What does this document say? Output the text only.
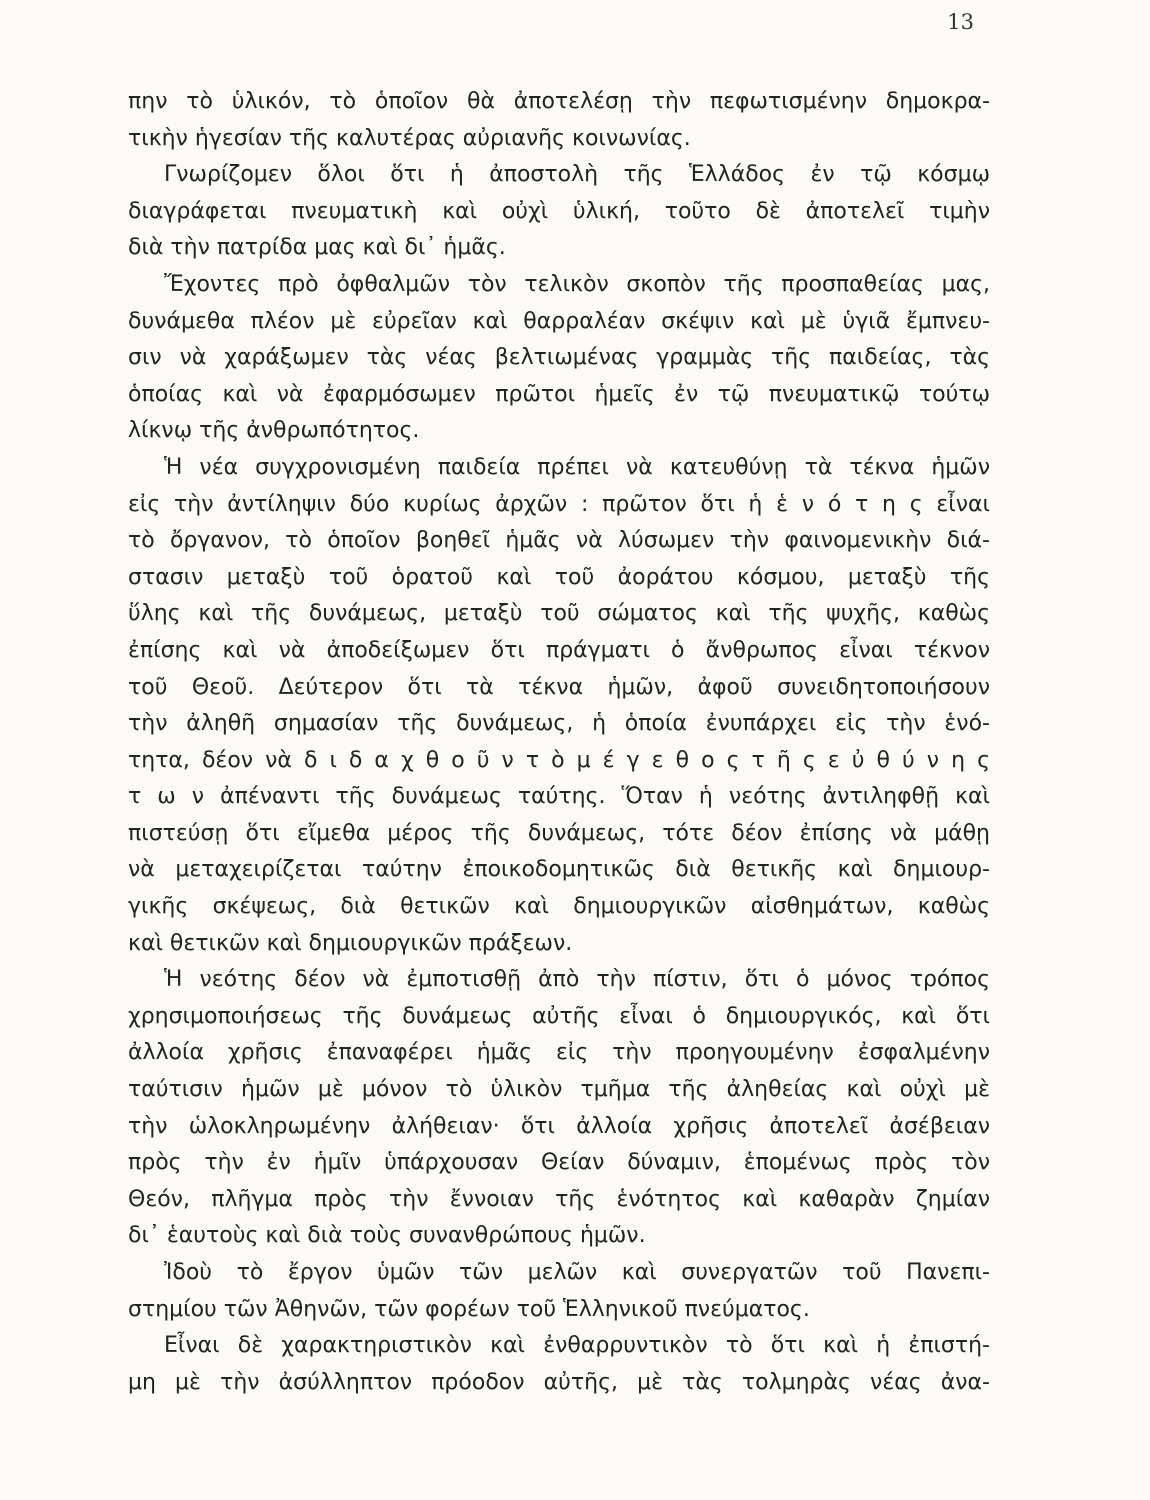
13
πην τὸ ὑλικόν, τὸ ὁποῖον θὰ ἀποτελέσῃ τὴν πεφωτισμένην δημοκρα-
τικὴν ἡγεσίαν τῆς καλυτέρας αὐριανῆς κοινωνίας.
Γνωρίζομεν ὅλοι ὅτι ἡ ἀποστολὴ τῆς Ἑλλάδος ἐν τῷ κόσμῳ
διαγράφεται πνευματικὴ καὶ οὐχὶ ὑλική, τοῦτο δὲ ἀποτελεῖ τιμὴν
διὰ τὴν πατρίδα μας καὶ δι᾿ ἡμᾶς.
Ἔχοντες πρὸ ὀφθαλμῶν τὸν τελικὸν σκοπὸν τῆς προσπαθείας μας,
δυνάμεθα πλέον μὲ εὐρεῖαν καὶ θαρραλέαν σκέψιν καὶ μὲ ὑγιᾶ ἔμπνευ-
σιν νὰ χαράξωμεν τὰς νέας βελτιωμένας γραμμὰς τῆς παιδείας, τὰς
ὁποίας καὶ νὰ ἐφαρμόσωμεν πρῶτοι ἡμεῖς ἐν τῷ πνευματικῷ τούτῳ
λίκνῳ τῆς ἀνθρωπότητος.
Ἡ νέα συγχρονισμένη παιδεία πρέπει νὰ κατευθύνῃ τὰ τέκνα ἡμῶν
εἰς τὴν ἀντίληψιν δύο κυρίως ἀρχῶν : πρῶτον ὅτι ἡ ἑ ν ό τ η ς εἶναι
τὸ ὄργανον, τὸ ὁποῖον βοηθεῖ ἡμᾶς νὰ λύσωμεν τὴν φαινομενικὴν διά-
στασιν μεταξὺ τοῦ ὁρατοῦ καὶ τοῦ ἀοράτου κόσμου, μεταξὺ τῆς
ὕλης καὶ τῆς δυνάμεως, μεταξὺ τοῦ σώματος καὶ τῆς ψυχῆς, καθὼς
ἐπίσης καὶ νὰ ἀποδείξωμεν ὅτι πράγματι ὁ ἄνθρωπος εἶναι τέκνον
τοῦ Θεοῦ. Δεύτερον ὅτι τὰ τέκνα ἡμῶν, ἀφοῦ συνειδητοποιήσουν
τὴν ἀληθῆ σημασίαν τῆς δυνάμεως, ἡ ὁποία ἐνυπάρχει εἰς τὴν ἑνό-
τητα, δέον νὰ δ ι δ α χ θ ο ῦ ν τ ὸ μ έ γ ε θ ο ς τ ῆ ς ε ὐ θ ύ ν η ς
τ ω ν ἀπέναντι τῆς δυνάμεως ταύτης. Ὅταν ἡ νεότης ἀντιληφθῇ καὶ
πιστεύσῃ ὅτι εἴμεθα μέρος τῆς δυνάμεως, τότε δέον ἐπίσης νὰ μάθῃ
νὰ μεταχειρίζεται ταύτην ἐποικοδομητικῶς διὰ θετικῆς καὶ δημιουρ-
γικῆς σκέψεως, διὰ θετικῶν καὶ δημιουργικῶν αἰσθημάτων, καθὼς
καὶ θετικῶν καὶ δημιουργικῶν πράξεων.
Ἡ νεότης δέον νὰ ἐμποτισθῇ ἀπὸ τὴν πίστιν, ὅτι ὁ μόνος τρόπος
χρησιμοποιήσεως τῆς δυνάμεως αὐτῆς εἶναι ὁ δημιουργικός, καὶ ὅτι
ἀλλοία χρῆσις ἐπαναφέρει ἡμᾶς εἰς τὴν προηγουμένην ἐσφαλμένην
ταύτισιν ἡμῶν μὲ μόνον τὸ ὑλικὸν τμῆμα τῆς ἀληθείας καὶ οὐχὶ μὲ
τὴν ὡλοκληρωμένην ἀλήθειαν· ὅτι ἀλλοία χρῆσις ἀποτελεῖ ἀσέβειαν
πρὸς τὴν ἐν ἡμῖν ὑπάρχουσαν Θείαν δύναμιν, ἑπομένως πρὸς τὸν
Θεόν, πλῆγμα πρὸς τὴν ἔννοιαν τῆς ἑνότητος καὶ καθαρὰν ζημίαν
δι᾿ ἑαυτοὺς καὶ διὰ τοὺς συνανθρώπους ἡμῶν.
Ἰδοὺ τὸ ἔργον ὑμῶν τῶν μελῶν καὶ συνεργατῶν τοῦ Πανεπι-
στημίου τῶν Ἀθηνῶν, τῶν φορέων τοῦ Ἑλληνικοῦ πνεύματος.
Εἶναι δὲ χαρακτηριστικὸν καὶ ἐνθαρρυντικὸν τὸ ὅτι καὶ ἡ ἐπιστή-
μη μὲ τὴν ἀσύλληπτον πρόοδον αὐτῆς, μὲ τὰς τολμηρὰς νέας ἀνα-
